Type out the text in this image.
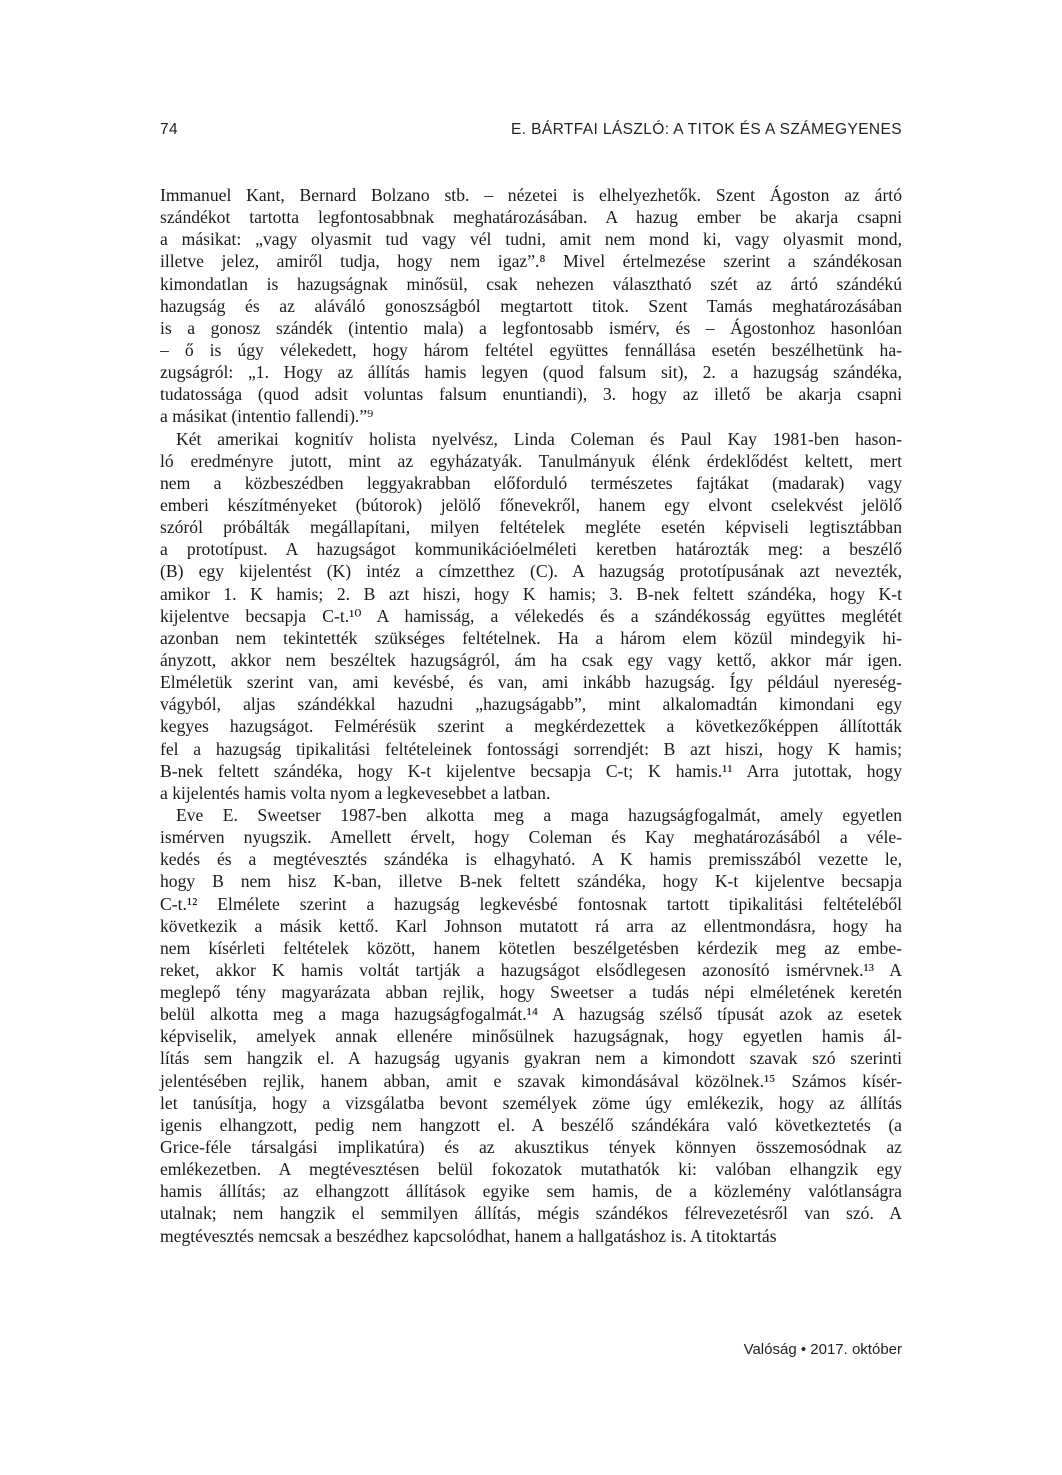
74	E. BÁRTFAI LÁSZLÓ: A TITOK ÉS A SZÁMEGYENES
Immanuel Kant, Bernard Bolzano stb. – nézetei is elhelyezhetők. Szent Ágoston az ártó
szándékot tartotta legfontosabbnak meghatározásában. A hazug ember be akarja csapni
a másikat: „vagy olyasmit tud vagy vél tudni, amit nem mond ki, vagy olyasmit mond,
illetve jelez, amiről tudja, hogy nem igaz”.⁸ Mivel értelmezése szerint a szándékosan
kimondatlan is hazugságnak minősül, csak nehezen választható szét az ártó szándékú
hazugság és az aláváló gonoszságból megtartott titok. Szent Tamás meghatározásában
is a gonosz szándék (intentio mala) a legfontosabb ismérv, és – Ágostonhoz hasonlóan
– ő is úgy vélekedett, hogy három feltétel együttes fennállása esetén beszélhetünk ha-
zugságról: „1. Hogy az állítás hamis legyen (quod falsum sit), 2. a hazugság szándéka,
tudatossága (quod adsit voluntas falsum enuntiandi), 3. hogy az illető be akarja csapni
a másikat (intentio fallendi).”⁹
Két amerikai kognitív holista nyelvész, Linda Coleman és Paul Kay 1981-ben hason-
ló eredményre jutott, mint az egyházatyák. Tanulmányuk élénk érdeklődést keltett, mert
nem a közbeszédben leggyakrabban előforduló természetes fajtákat (madarak) vagy
emberi készítményeket (bútorok) jelölő főnevekről, hanem egy elvont cselekvést jelölő
szóról próbálták megállapítani, milyen feltételek megléte esetén képviseli legtisztábban
a prototípust. A hazugságot kommunikációelméleti keretben határozták meg: a beszélő
(B) egy kijelentést (K) intéz a címzetthez (C). A hazugság prototípusának azt nevezték,
amikor 1. K hamis; 2. B azt hiszi, hogy K hamis; 3. B-nek feltett szándéka, hogy K-t
kijelentve becsapja C-t.¹⁰ A hamisság, a vélekedés és a szándékosság együttes meglétét
azonban nem tekintették szükséges feltételnek. Ha a három elem közül mindegyik hi-
ányzott, akkor nem beszéltek hazugságról, ám ha csak egy vagy kettő, akkor már igen.
Elméletük szerint van, ami kevésbé, és van, ami inkább hazugság. Így például nyereség-
vágyból, aljas szándékkal hazudni „hazugságabb”, mint alkalomadtán kimondani egy
kegyes hazugságot. Felmérésük szerint a megkérdezettek a következőképpen állították
fel a hazugság tipikalitási feltételeinek fontossági sorrendjét: B azt hiszi, hogy K hamis;
B-nek feltett szándéka, hogy K-t kijelentve becsapja C-t; K hamis.¹¹ Arra jutottak, hogy
a kijelentés hamis volta nyom a legkevesebbet a latban.
Eve E. Sweetser 1987-ben alkotta meg a maga hazugságfogalmát, amely egyetlen
ismérven nyugszik. Amellett érvelt, hogy Coleman és Kay meghatározásából a véle-
kedés és a megtévesztés szándéka is elhagyható. A K hamis premisszából vezette le,
hogy B nem hisz K-ban, illetve B-nek feltett szándéka, hogy K-t kijelentve becsapja
C-t.¹² Elmélete szerint a hazugság legkevésbé fontosnak tartott tipikalitási feltételéből
következik a másik kettő. Karl Johnson mutatott rá arra az ellentmondásra, hogy ha
nem kísérleti feltételek között, hanem kötetlen beszélgetésben kérdezik meg az embe-
reket, akkor K hamis voltát tartják a hazugságot elsődlegesen azonosító ismérvnek.¹³ A
meglepő tény magyarázata abban rejlik, hogy Sweetser a tudás népi elméletének keretén
belül alkotta meg a maga hazugságfogalmát.¹⁴ A hazugság szélső típusát azok az esetek
képviselik, amelyek annak ellenére minősülnek hazugságnak, hogy egyetlen hamis ál-
lítás sem hangzik el. A hazugság ugyanis gyakran nem a kimondott szavak szó szerinti
jelentésében rejlik, hanem abban, amit e szavak kimondásával közölnek.¹⁵ Számos kísér-
let tanúsítja, hogy a vizsgálatba bevont személyek zöme úgy emlékezik, hogy az állítás
igenis elhangzott, pedig nem hangzott el. A beszélő szándékára való következtetés (a
Grice-féle társalgási implikatúra) és az akusztikus tények könnyen összemosódnak az
emlékezetben. A megtévesztésen belül fokozatok mutathatók ki: valóban elhangzik egy
hamis állítás; az elhangzott állítások egyike sem hamis, de a közlemény valótlanságra
utalnak; nem hangzik el semmilyen állítás, mégis szándékos félrevezetésről van szó. A
megtévesztés nemcsak a beszédhez kapcsolódhat, hanem a hallgatáshoz is. A titoktartás
Valóság • 2017. október
